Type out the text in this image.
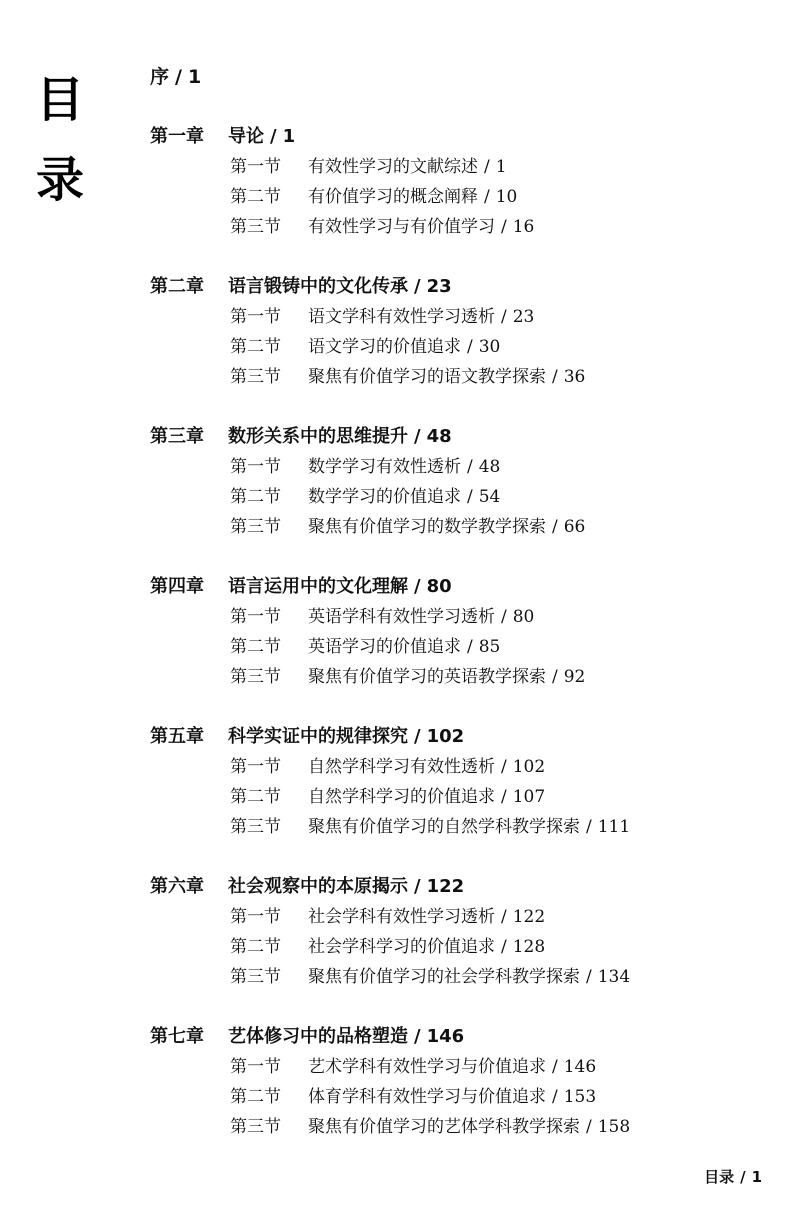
目
录
序 / 1
第一章 导论 / 1
第一节 有效性学习的文献综述 / 1
第二节 有价值学习的概念阐释 / 10
第三节 有效性学习与有价值学习 / 16
第二章 语言锻铸中的文化传承 / 23
第一节 语文学科有效性学习透析 / 23
第二节 语文学习的价值追求 / 30
第三节 聚焦有价值学习的语文教学探索 / 36
第三章 数形关系中的思维提升 / 48
第一节 数学学习有效性透析 / 48
第二节 数学学习的价值追求 / 54
第三节 聚焦有价值学习的数学教学探索 / 66
第四章 语言运用中的文化理解 / 80
第一节 英语学科有效性学习透析 / 80
第二节 英语学习的价值追求 / 85
第三节 聚焦有价值学习的英语教学探索 / 92
第五章 科学实证中的规律探究 / 102
第一节 自然学科学习有效性透析 / 102
第二节 自然学科学习的价值追求 / 107
第三节 聚焦有价值学习的自然学科教学探索 / 111
第六章 社会观察中的本原揭示 / 122
第一节 社会学科有效性学习透析 / 122
第二节 社会学科学习的价值追求 / 128
第三节 聚焦有价值学习的社会学科教学探索 / 134
第七章 艺体修习中的品格塑造 / 146
第一节 艺术学科有效性学习与价值追求 / 146
第二节 体育学科有效性学习与价值追求 / 153
第三节 聚焦有价值学习的艺体学科教学探索 / 158
目录 / 1
